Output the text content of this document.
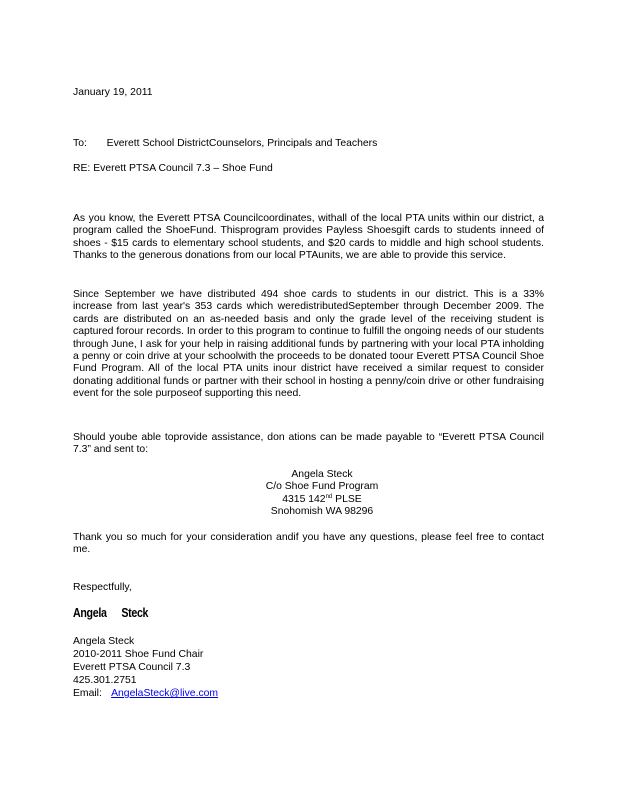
January 19, 2011
To: Everett School DistrictCounselors, Principals and Teachers
RE: Everett PTSA Council 7.3 – Shoe Fund
As you know, the Everett PTSA Councilcoordinates, withall of the local PTA units within our district, a program called the ShoeFund. Thisprogram provides Payless Shoesgift cards to students inneed of shoes - $15 cards to elementary school students, and $20 cards to middle and high school students. Thanks to the generous donations from our local PTAunits, we are able to provide this service.
Since September we have distributed 494 shoe cards to students in our district. This is a 33% increase from last year's 353 cards which weredistributedSeptember through December 2009. The cards are distributed on an as-needed basis and only the grade level of the receiving student is captured forour records. In order to this program to continue to fulfill the ongoing needs of our students through June, I ask for your help in raising additional funds by partnering with your local PTA inholding a penny or coin drive at your schoolwith the proceeds to be donated toour Everett PTSA Council Shoe Fund Program. All of the local PTA units inour district have received a similar request to consider donating additional funds or partner with their school in hosting a penny/coin drive or other fundraising event for the sole purposeof supporting this need.
Should yoube able toprovide assistance, don ations can be made payable to “Everett PTSA Council 7.3” and sent to:
Angela Steck
C/o Shoe Fund Program
4315 142nd PLSE
Snohomish WA 98296
Thank you so much for your consideration andif you have any questions, please feel free to contact me.
Respectfully,
Angela Steck
Angela Steck
2010-2011 Shoe Fund Chair
Everett PTSA Council 7.3
425.301.2751
Email: AngelaSteck@live.com
